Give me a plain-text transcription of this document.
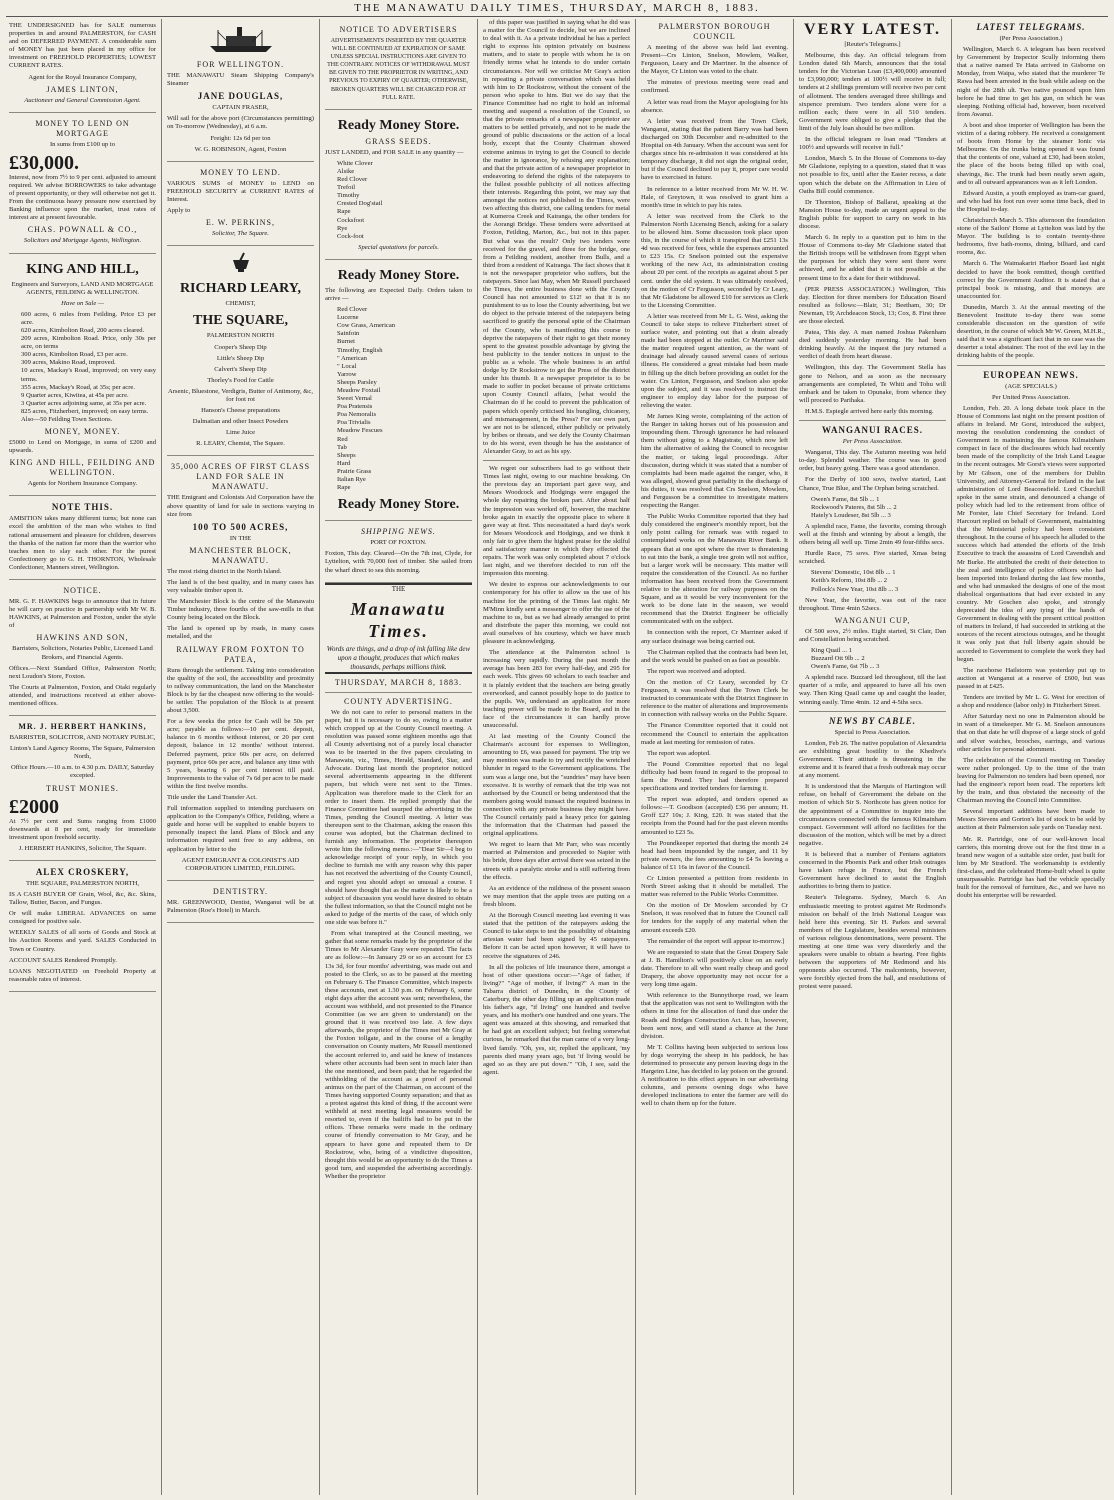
THE MANAWATU DAILY TIMES, THURSDAY, MARCH 8, 1883.

THE UNDERSIGNED has for SALE numerous properties in and around PALMERSTON, for CASH and on DEFERRED PAYMENT. A considerable sum of MONEY has just been placed in my office for investment on FREEHOLD PROPERTIES; LOWEST CURRENT RATES.

Agent for the Royal Insurance Company,

JAMES LINTON,

Auctioneer and General Commission Agent.

MONEY TO LEND ON MORTGAGE

In sums from £100 up to

£30,000.

Interest, now from 7½ to 9 per cent. adjusted to amount required. We advise BORROWERS to take advantage of present opportunity, or they will otherwise not get it. From the continuous heavy pressure now exercised by Banking influence upon the market, trust rates of interest are at present favourable.

CHAS. POWNALL & CO.,

Solicitors and Mortgage Agents, Wellington.

KING AND HILL,

Engineers and Surveyors, LAND AND MORTGAGE AGENTS, FEILDING & WELLINGTON.

Have on Sale —

600 acres, 6 miles from Feilding. Price £3 per acre.
620 acres, Kimbolton Road, 200 acres cleared.
209 acres, Kimbolton Road. Price, only 30s per acre, on terms
300 acres, Kimbolton Road, £3 per acre.
309 acres, Makino Road, improved.
10 acres, Mackay's Road, improved; on very easy terms.
355 acres, Mackay's Road, at 35s; per acre.
9 Quarter acres, Kiwitea, at 45s per acre.
3 Quarter acres adjoining same, at 35s per acre.
825 acres, Fitzherbert, improved; on easy terms.
Also—50 Feilding Town Sections.
MONEY, MONEY.

£5000 to Lend on Mortgage, in sums of £200 and upwards.

KING AND HILL, FEILDING AND WELLINGTON.

Agents for Northern Insurance Company.

NOTE THIS.

AMBITION takes many different turns; but none can excel the ambition of the man who wishes to find rational amusement and pleasure for children, deserves the thanks of the nation far more than the warrior who teaches men to slay each other. For the purest Confectionery go to G. H. THORNTON, Wholesale Confectioner, Manners street, Wellington.

NOTICE.

MR. G. F. HAWKINS begs to announce that in future he will carry on practice in partnership with Mr W. B. HAWKINS, at Palmerston and Foxton, under the style of

HAWKINS AND SON,

Barristers, Solicitors, Notaries Public, Licensed Land Brokers, and Financial Agents.

Offices.—Next Standard Office, Palmerston North; next Loudon's Store, Foxton.

The Courts at Palmerston, Foxton, and Otaki regularly attended, and instructions received at either above-mentioned offices.

MR. J. HERBERT HANKINS,

BARRISTER, SOLICITOR, AND NOTARY PUBLIC,

Linton's Land Agency Rooms, The Square, Palmerston North,

Office Hours.—10 a.m. to 4.30 p.m. DAILY, Saturday excepted.

TRUST MONIES.
£2000

At 7½ per cent and Sums ranging from £1000 downwards at 8 per cent, ready for immediate investment upon freehold security.

J. HERBERT HANKINS, Solicitor, The Square.

ALEX CROSKERY,

THE SQUARE, PALMERSTON NORTH,

IS A CASH BUYER OF Grain, Wool, &c, &c. Skins, Tallow, Butter, Bacon, and Fungus.

Or will make LIBERAL ADVANCES on same consigned for positive sale.

WEEKLY SALES of all sorts of Goods and Stock at his Auction Rooms and yard. SALES Conducted in Town or Country.

ACCOUNT SALES Rendered Promptly.

LOANS NEGOTIATED on Freehold Property at reasonable rates of interest.

FOR WELLINGTON.

THE MANAWATU Steam Shipping Company's Steamer

JANE DOUGLAS,

CAPTAIN FRASER,

Will sail for the above port (Circumstances permitting) on To-morrow (Wednesday), at 6 a.m.

Freight: 12s 6d per ton

W. G. ROBINSON, Agent, Foxton

MONEY TO LEND.

VARIOUS SUMS of MONEY to LEND on FREEHOLD SECURITY at CURRENT RATES of Interest.

Apply to

E. W. PERKINS,

Solicitor, The Square.

RICHARD LEARY,

CHEMIST,

THE SQUARE,

PALMERSTON NORTH

Cooper's Sheep Dip

Little's Sheep Dip

Calvert's Sheep Dip

Thorley's Food for Cattle

Arsenic, Bluestone, Verdigris, Butter of Antimony, &c, for foot rot

Hanson's Cheese preparations

Dalmatian and other Insect Powders

Lime Juice

R. LEARY, Chemist, The Square.

35,000 ACRES OF FIRST CLASS LAND FOR SALE IN MANAWATU.

THE Emigrant and Colonists Aid Corporation have the above quantity of land for sale in sections varying in size from

100 TO 500 ACRES,

IN THE

MANCHESTER BLOCK, MANAWATU.

The most rising district in the North Island.

The land is of the best quality, and in many cases has very valuable timber upon it.

The Manchester Block is the centre of the Manawatu Timber industry, three fourths of the saw-mills in that County being located on the Block.

The land is opened up by roads, in many cases metalled, and the

RAILWAY FROM FOXTON TO PATEA,

Runs through the settlement. Taking into consideration the quality of the soil, the accessibility and proximity to railway communication, the land on the Manchester Block is by far the cheapest now offering to the would-be settler. The population of the Block is at present about 3,500.

For a few weeks the price for Cash will be 50s per acre; payable as follows:—10 per cent. deposit, balance in 6 months without interest, or 20 per cent deposit, balance in 12 months' without interest. Deferred payment, price 60s per acre, on deferred payment, price 60s per acre, and balance any time with 5 years, bearing 6 per cent interest till paid. Improvements to the value of 7s 6d per acre to be made within the first twelve months.

Title under the Land Transfer Act.

Full information supplied to intending purchasers on application to the Company's Office, Feilding, where a guide and horse will be supplied to enable buyers to personally inspect the land. Plans of Block and any information required sent free to any address, on application by letter to the

AGENT EMIGRANT & COLONIST'S AID CORPORATION LIMITED, FEILDING.

DENTISTRY.

MR. GREENWOOD, Dentist, Wanganui will be at Palmerston (Roe's Hotel) in March.

NOTICE TO ADVERTISERS

ADVERTISEMENTS INSERTED BY THE QUARTER WILL BE CONTINUED AT EXPIRATION OF SAME UNLESS SPECIAL INSTRUCTIONS ARE GIVEN TO THE CONTRARY. NOTICES OF WITHDRAWAL MUST BE GIVEN TO THE PROPRIETOR IN WRITING, AND PREVIOUS TO EXPIRY OF QUARTER; OTHERWISE, BROKEN QUARTERS WILL BE CHARGED FOR AT FULL RATE.

Ready Money Store.
GRASS SEEDS.

JUST LANDED, and FOR SALE in any quantity —

White Clover
Alsike
Red Clover
Trefoil
Timothy
Crested Dog'stail
Rape
Cocksfoot
Rye
Cock-foot

Special quotations for parcels.

Ready Money Store.

The following are Expected Daily. Orders taken to arrive —

Red Clover
Lucerne
Cow Grass, American
Sainfoin
Burnet
Timothy, English
" American
" Local
Yarrow
Sheeps Parsley
Meadow Foxtail
Sweet Vernal
Poa Pratensis
Poa Nemoralis
Poa Trivialis
Meadow Fescues
Red
Tab
Sheeps
Hard
Prairie Grass
Italian Rye
Rape
Ready Money Store.
SHIPPING NEWS.

PORT OF FOXTON.

Foxton, This day. Cleared—On the 7th inst, Clyde, for Lyttelton, with 70,000 feet of timber. She sailed from the wharf direct to sea this morning.

THE
Manawatu Times.
Words are things, and a drop of ink falling like dew upon a thought, produces that which makes thousands, perhaps millions think.
THURSDAY, MARCH 8, 1883.
COUNTY ADVERTISING.

We do not care to refer to personal matters in the paper, but it is necessary to do so, owing to a matter which cropped up at the County Council meeting. A resolution was passed some eighteen months ago that all County advertising not of a purely local character was to be inserted in the five papers circulating in Manawatu, viz., Times, Herald, Standard, Star, and Advocate. During last month the proprietor noticed several advertisements appearing in the different papers, but which were not sent to the Times. Application was therefore made to the Clerk for an order to insert them. He replied promptly that the Finance Committee had usurped the advertising in the Times, pending the Council meeting. A letter was thereupon sent to the Chairman, asking the reason this course was adopted, but the Chairman declined to furnish any information. The proprietor thereupon wrote him the following memo.:—"Dear Sir—I beg to acknowledge receipt of your reply, in which you decline to furnish me with any reason why this paper has not received the advertising of the County Council, and regret you should adopt so unusual a course. I should have thought that as the matter is likely to be a subject of discussion you would have desired to obtain the fullest information, so that the Council might not be asked to judge of the merits of the case, of which only one side was before it."

From what transpired at the Council meeting, we gather that some remarks made by the proprietor of the Times to Mr Alexander Gray were repeated. The facts are as follow:—In January 29 or so an account for £3 13s 3d, for four months' advertising, was made out and posted to the Clerk, so as to be passed at the meeting on February 6. The Finance Committee, which inspects these accounts, met at 1.30 p.m. on February 6, some eight days after the account was sent; nevertheless, the account was withheld, and not presented to the Finance Committee (as we are given to understand) on the ground that it was received too late. A few days afterwards, the proprietor of the Times met Mr Gray at the Foxton tollgate, and in the course of a lengthy conversation on County matters, Mr Russell mentioned the account referred to, and said he knew of instances where other accounts had been sent in much later than the one mentioned, and been paid; that he regarded the withholding of the account as a proof of personal animus on the part of the Chairman, on account of the Times having supported County separation; and that as a protest against this kind of thing, if the account were withheld at next meeting legal measures would be resorted to, even if the bailiffs had to be put in the offices. These remarks were made in the ordinary course of friendly conversation to Mr Gray, and he appears to have gone and repeated them to Dr Rockstrow, who, being of a vindictive disposition, thought this would be an opportunity to do the Times a good turn, and suspended the advertising accordingly. Whether the proprietor

of this paper was justified in saying what he did was a matter for the Council to decide, but we are inclined to deal with it. As a private individual he has a perfect right to express his opinion privately on business matters, and to state to people with whom he is on friendly terms what he intends to do under certain circumstances. Nor will we criticise Mr Gray's action in repeating a private conversation which was held with him to Dr Rockstrow, without the consent of the person who spoke to him. But we do say that the Finance Committee had no right to hold an informal meeting and suspend a resolution of the Council, so that the private remarks of a newspaper proprietor are matters to be settled privately, and not to be made the ground of public discussions or the action of a local body, except that the County Chairman showed extreme animus in trying to get the Council to decide the matter in ignorance, by refusing any explanation; and that the private action of a newspaper proprietor in endeavoring to defend the rights of the ratepayers to the fullest possible publicity of all notices affecting their interests. Regarding this point, we may say that amongst the notices not published in the Times, were two affecting this district, one calling tenders for metal at Kumeroa Creek and Kairanga, the other tenders for the Aorangi Bridge. These tenders were advertised at Foxton, Feilding, Marton, &c., but not in this paper. But what was the result? Only two tenders were received for the gravel, and three for the bridge, one from a Feilding resident, another from Bulls, and a third from a resident of Kairanga. The fact shows that it is not the newspaper proprietor who suffers, but the ratepayers. Since last May, when Mr Russell purchased the Times, the entire business done with the County Council has not amounted to £12! so that it is no punishment to us to lose the County advertising, but we do object to the private interest of the ratepayers being sacrificed to gratify the personal spite of the Chairman of the County, who is manifesting this course to deprive the ratepayers of their right to get their money spent to the greatest possible advantage by giving the best publicity to the tender notices in unjust to the public as a whole. The whole business is an artful dodge by Dr Rockstrow to get the Press of the district under his thumb. It a newspaper proprietor is to be made to suffer in pocket because of private criticisms upon County Council affairs, [what would the Chairman do if he could to prevent the publication of papers which openly criticised his bungling, chicanery, and mismanagement, in the Press? For our own part, we are not to be silenced, either publicly or privately by bribes or threats, and we defy the County Chairman to do his worst, even though he has the assistance of Alexander Gray, to act as his spy.

We regret our subscribers had to go without their Times last night, owing to our machine breaking. On the previous day an important part gave way, and Messrs Woodcock and Hodgings were engaged the whole day repairing the broken part. After about half the impression was worked off, however, the machine broke again in exactly the opposite place to where it gave way at first. This necessitated a hard day's work for Messrs Woodcock and Hodgings, and we think it only fair to give them the highest praise for the skilful and satisfactory manner in which they effected the repairs. The work was only completed about 7 o'clock last night, and we therefore decided to run off the impression this morning.

We desire to express our acknowledgments to our contemporary for his offer to allow us the use of his machine for the printing of the Times last night. Mr M'Minn kindly sent a messenger to offer the use of the machine to us, but as we had already arranged to print and distribute the paper this morning, we could not avail ourselves of his courtesy, which we have much pleasure in acknowledging.

The attendance at the Palmerston school is increasing very rapidly. During the past month the average has been 283 for every half-day, and 295 for each week. This gives 60 scholars to each teacher and it is plainly evident that the teachers are being greatly overworked, and cannot possibly hope to do justice to the pupils. We, understand an application for more teaching power will be made to the Board, and in the face of the circumstances it can hardly prove unsuccessful.

At last meeting of the County Council the Chairman's account for expenses to Wellington, amounting to £6, was passed for payment. The trip we may mention was made to try and rectify the wretched blunder in regard to the Government applications. The sum was a large one, but the "sundries" may have been excessive. It is worthy of remark that the trip was not authorised by the Council or being understood that the members going would transact the required business in connection with any private business they might have. The Council certainly paid a heavy price for gaining the information that the Chairman had passed the original applications.

We regret to learn that Mr Parr, who was recently married at Palmerston and proceeded to Napier with his bride, three days after arrival there was seized in the streets with a paralytic stroke and is still suffering from the effects.

As an evidence of the mildness of the present season we may mention that the apple trees are putting on a fresh bloom.

At the Borough Council meeting last evening it was stated that the petition of the ratepayers asking the Council to take steps to test the possibility of obtaining artesian water had been signed by 45 ratepayers. Before it can be acted upon however, it will have to receive the signatures of 246.

In all the policies of life insurance there, amongst a host of other questions occur:—"Age of father, if living?" "Age of mother, if living?" A man in the Tabarra district of Dunedin, in the County of Caterbury, the other day filling up an application made his father's age, "if living" one hundred and twelve years, and his mother's one hundred and one years. The agent was amazed at this showing, and remarked that he had got an excellent subject; but feeling somewhat curious, he remarked that the man came of a very long-lived family. "Oh, yes, sir, replied the applicant, 'my parents died many years ago, but 'if living would be aged so as they are put down.'" "Oh, I see, said the agent.

PALMERSTON BOROUGH COUNCIL

A meeting of the above was held last evening. Present—Crs Linton, Snelson, Mowlem, Walker, Fergusson, Leary and Dr Marriner. In the absence of the Mayor, Cr Linton was voted to the chair.

The minutes of previous meeting were read and confirmed.

A letter was read from the Mayor apologising for his absence.

A letter was received from the Town Clerk, Wanganui, stating that the patient Barry was had been discharged on 30th December and re-admitted to the Hospital on 4th January. When the account was sent for charges since his re-admission it was considered at his temporary discharge, it did not sign the original order, but if the Council declined to pay it, proper care would have to exercised in future.

In reference to a letter received from Mr W. H. W. Hale, of Greytown, it was resolved to grant him a month's time in which to pay his rates.

A letter was received from the Clerk to the Palmerston North Licensing Bench, asking for a salary to be allowed him. Some discussion took place upon this, in the course of which it transpired that £251 13s 4d was received for fees, while the expenses amounted to £23 15s. Cr Snelson pointed out the expensive working of the new Act, its administration costing about 20 per cent. of the receipts as against about 5 per cent. under the old system. It was ultimately resolved, on the motion of Cr Fergusson, seconded by Cr Leary, that Mr Gladstone be allowed £10 for services as Clerk to the Licensing Committee.

A letter was received from Mr L. G. West, asking the Council to take steps to relieve Fitzherbert street of surface water, and pointing out that a drain already made had been stopped at the outlet. Cr Marriner said the matter required urgent attention, as the want of drainage had already caused several cases of serious illness. He considered a great mistake had been made in filling up the ditch before providing an outlet for the water. Crs Linton, Fergusson, and Snelson also spoke upon the subject, and it was resolved to instruct the engineer to employ day labor for the purpose of relieving the water.

Mr James King wrote, complaining of the action of the Ranger in taking horses out of his possession and impounding them. Through ignorance he had released them without going to a Magistrate, which now left him the alternative of asking the Council to recognise the matter, or taking legal proceedings. After discussion, during which it was stated that a number of complaints had been made against the ranger, who, it was alleged, showed great partiality in the discharge of his duties, it was resolved that Crs Snelson, Mowlem, and Fergusson be a committee to investigate matters respecting the Ranger.

The Public Works Committee reported that they had duly considered the engineer's monthly report, but the only point calling for remark was with regard to contemplated works on the Manawatu River Bank. It appears that at one spot where the river is threatening to eat into the bank, a single tree groin will not suffice, but a larger work will be necessary. This matter will require the consideration of the Council. As no further information has been received from the Government relative to the alteration for railway purposes on the Square, and as it would be very inconvenient for the work to be done late in the season, we would recommend that the District Engineer be officially communicated with on the subject.

In connection with the report, Cr Marriner asked if any surface drainage was being carried out.

The Chairman replied that the contracts had been let, and the work would be pushed on as fast as possible.

The report was received and adopted.

On the motion of Cr Leary, seconded by Cr Fergusson, it was resolved that the Town Clerk be instructed to communicate with the District Engineer in reference to the matter of alterations and improvements in connection with railway works on the Public Square.

The Finance Committee reported that it could not recommend the Council to entertain the application made at last meeting for remission of rates.

The report was adopted.

The Pound Committee reported that no legal difficulty had been found in regard to the proposal to farm the Pound. They had therefore prepared specifications and invited tenders for farming it.

The report was adopted, and tenders opened as follows:—T. Goodison (accepted) £36 per annum; H. Groff £27 10s; J. King, £20. It was stated that the receipts from the Pound had for the past eleven months amounted to £23 5s.

The Poundkeeper reported that during the month 24 head had been impounded by the ranger, and 11 by private owners, the fees amounting to £4 5s leaving a balance of £1 16s in favor of the Council.

Cr Linton presented a petition from residents in North Street asking that it should be metalled. The matter was referred to the Public Works Committee.

On the motion of Dr Mowlem seconded by Cr Snelson, it was resolved that in future the Council call for tenders for the supply of any material when the amount exceeds £20.

The remainder of the report will appear to-morrow.]

We are requested to state that the Great Drapery Sale at J. B. Hamilton's will positively close on an early date. Therefore to all who want really cheap and good Drapery, the above opportunity may not occur for a very long time again.

With reference to the Bunnythorpe road, we learn that the application was not sent to Wellington with the others in time for the allocation of fund due under the Roads and Bridges Construction Act. It has, however, been sent now, and will stand a chance at the June division.

Mr T. Collins having been subjected to serious loss by dogs worrying the sheep in his paddock, he has determined to prosecute any person leaving dogs in the Hargeim Line, has decided to lay poison on the ground. A notification to this effect appears in our advertising columns, and persons owning dogs who have developed inclinations to enter the farmer are will do well to chain them up for the future.

VERY LATEST.

[Reuter's Telegrams.]

Melbourne, this day. An official telegram from London dated 6th March, announces that the total tenders for the Victorian Loan (£3,400,000) amounted to £3,990,000; tenders at 100½ will receive in full; tenders at 2 shillings premium will receive two per cent of allotment. The tenders averaged three shillings and sixpence premium. Two tenders alone were for a million each; there were in all 510 tenders. Government were obliged to give a pledge that the limit of the July loan should be two million.

In the official telegram re loan read "Tenders at 100½ and upwards will receive in full."

London, March 5. In the House of Commons to-day Mr Gladstone, replying to a question, stated that it was not possible to fix, until after the Easter recess, a date upon which the debate on the Affirmation in Lieu of Oaths Bill could commence.

Dr Thornton, Bishop of Ballarat, speaking at the Mansion House to-day, made an urgent appeal to the English public for support to carry on work in his diocese.

March 6. In reply to a question put to him in the House of Commons to-day Mr Gladstone stated that the British troops will be withdrawn from Egypt when the purposes for which they were sent there were achieved, and he added that it is not possible at the present time to fix a date for their withdrawal.

(PER PRESS ASSOCIATION.) Wellington, This day. Election for three members for Education Board resulted as follows:—Blair, 31; Beetham, 30; Dr Newman, 19; Archdeacon Stock, 13; Cox, 8. First three are those elected.

Patea, This day. A man named Joshua Pakenham died suddenly yesterday morning. He had been drinking heavily. At the inquest the jury returned a verdict of death from heart disease.

Wellington, this day. The Government Stella has gone to Nelson, and as soon as the necessary arrangements are completed, Te Whiti and Tohu will embark and be taken to Opunake, from whence they will proceed to Parihaka.

H.M.S. Espiegle arrived here early this morning.

WANGANUI RACES.

Per Press Association.

Wanganui, This day. The Autumn meeting was held to-day. Splendid weather. The course was in good order, but heavy going. There was a good attendance.

For the Derby of 100 sovs, twelve started, Last Chance, True Blue, and The Orphan being scratched.

Owen's Fame, 8st 5lb ... 1
Rockwood's Pateres, 8st 5lb ... 2
Hately's Loudeser, 8st 5lb ... 3

A splendid race, Fame, the favorite, coming through well at the finish and winning by about a length, the others being all well up. Time 2min 49 four-fifths secs.

Hurdle Race, 75 sovs. Five started, Xmas being scratched.

Stevens' Domestic, 10st 8lb ... 1
Keith's Reform, 10st 8lb ... 2
Pollock's New Year, 10st 8lb ... 3

New Year, the favorite, was out of the race throughout. Time 4min 52secs.

WANGANUI CUP,

Of 500 sovs, 2½ miles. Eight started, St Clair, Dan and Constellation being scratched.

King Quail ... 1
Buzzard Ott 9lb ... 2
Owen's Fame, 6st 7lb ... 3

A splendid race. Buzzard led throughout, till the last quarter of a mile, and appeared to have all his own way. Then King Quail came up and caught the leader, winning easily. Time 4min. 12 and 4-5ths secs.

NEWS BY CABLE.

Special to Press Association.

London, Feb 26. The native population of Alexandria are exhibiting great hostility to the Khedive's Government. Their attitude is threatening in the extreme and it is feared that a fresh outbreak may occur at any moment.

It is understood that the Marquis of Hartington will refuse, on behalf of Government the debate on the motion of which Sir S. Northcote has given notice for the appointment of a Committee to inquire into the circumstances connected with the famous Kilmainham compact. Government will afford no facilities for the discussion of the motion, which will be met by a direct negative.

It is believed that a number of Fenians agitators concerned in the Phoenix Park and other Irish outrages have taken refuge in France, but the French Government have declined to assist the English authorities to bring them to justice.

Reuter's Telegrams. Sydney, March 6. An enthusiastic meeting to protest against Mr Redmond's mission on behalf of the Irish National League was held here this evening. Sir H. Parkes and several members of the Legislature, besides several ministers of various religious denominations, were present. The meeting at one time was very disorderly and the speakers were unable to obtain a hearing. Free fights between the supporters of Mr Redmond and his opponents also occurred. The malcontents, however, were forcibly ejected from the hall, and resolutions of protest were passed.

LATEST TELEGRAMS.

(Per Press Association.)

Wellington, March 6. A telegram has been received by Government by Inspector Scully informing them that a native named Te Hata arrived in Gisborne on Monday, from Waipa, who stated that the murderer Te Rawa had been arrested in the bush while asleep on the night of the 28th ult. Two native pounced upon him before he had time to get his gun, on which he was sleeping. Nothing official had, however, been received from Awanui.

A boot and shoe importer of Wellington has been the victim of a daring robbery. He received a consignment of boots from Home by the steamer Ionic via Melbourne. On the trunks being opened it was found that the contents of one, valued at £30, had been stolen, the place of the boots being filled up with coal, shavings, &c. The trunk had been neatly sewn again, and to all outward appearances was as it left London.

Edward Austin, a youth employed as tram-car guard, and who had his foot run over some time back, died in the Hospital to-day.

Christchurch March 5. This afternoon the foundation stone of the Sailors' Home at Lyttelton was laid by the Mayor. The building is to contain twenty-three bedrooms, five bath-rooms, dining, billiard, and card rooms, &c.

March 6. The Waimakariri Harbor Board last night decided to have the book remitted, though certified correct by the Government Auditor. It is stated that a principal book is missing, and that moneys are unaccounted for.

Dunedin, March 3. At the annual meeting of the Benevolent Institute to-day there was some considerable discussion on the question of wife desertion, in the course of which Mr W. Green, M.H.R., said that it was a significant fact that in no case was the deserter a total abstainer. The root of the evil lay in the drinking habits of the people.

EUROPEAN NEWS.

(AGE SPECIALS.)

Per United Press Association.

London, Feb. 20. A long debate took place in the House of Commons last night on the present position of affairs in Ireland. Mr Gorst, introduced the subject, moving the resolution condemning the conduct of Government in maintaining the famous Kilmainham compact in face of the disclosures which had recently been made of the complicity of the Irish Land League in the recent outrages. Mr Gorst's views were supported by Mr Gibson, one of the members for Dublin University, and Attorney-General for Ireland in the last administration of Lord Beaconsfield. Lord Churchill spoke in the same strain, and denounced a change of policy which had led to the retirement from office of Mr Forster, late Chief Secretary for Ireland. Lord Harcourt replied on behalf of Government, maintaining that the Ministerial policy had been consistent throughout. In the course of his speech he alluded to the success which had attended the efforts of the Irish Executive to track the assassins of Lord Cavendish and Mr Burke. He attributed the credit of their detection to the zeal and intelligence of police officers who had been imported into Ireland during the last few months, and who had unmasked the designs of one of the most diabolical organisations that had ever existed in any country. Mr Goschen also spoke, and strongly deprecated the idea of any tying of the hands of Government in dealing with the present critical position of matters in Ireland, if had succeeded in striking at the sources of the recent atrocious outrages, and he thought it was only just that full liberty again should be accorded to Government to complete the work they had begun.

The racehorse Hailstorm was yesterday put up to auction at Wanganui at a reserve of £600, but was passed in at £425.

Tenders are invited by Mr L. G. West for erection of a shop and residence (labor only) in Fitzherbert Street.

After Saturday next no one in Palmerston should be in want of a timekeeper. Mr G. M. Snelson announces that on that date he will dispose of a large stock of gold and silver watches, brooches, earrings, and various other articles for personal adornment.

The celebration of the Council meeting on Tuesday were rather prolonged. Up to the time of the train leaving for Palmerston no tenders had been opened, nor had the engineer's report been read. The reporters left by the train, and thus obviated the necessity of the Chairman moving the Council into Committee.

Several important additions have been made to Messrs Stevens and Gorton's list of stock to be sold by auction at their Palmerston sale yards on Tuesday next.

Mr. R. Partridge, one of our well-known local carriers, this morning drove out for the first time in a brand new wagon of a suitable size order, just built for him by Mr Stratford. The workmanship is evidently first-class, and the celebrated Home-built wheel is quite unsurpassable. Partridge has had the vehicle specially built for the removal of furniture, &c., and we have no doubt his enterprise will be rewarded.
